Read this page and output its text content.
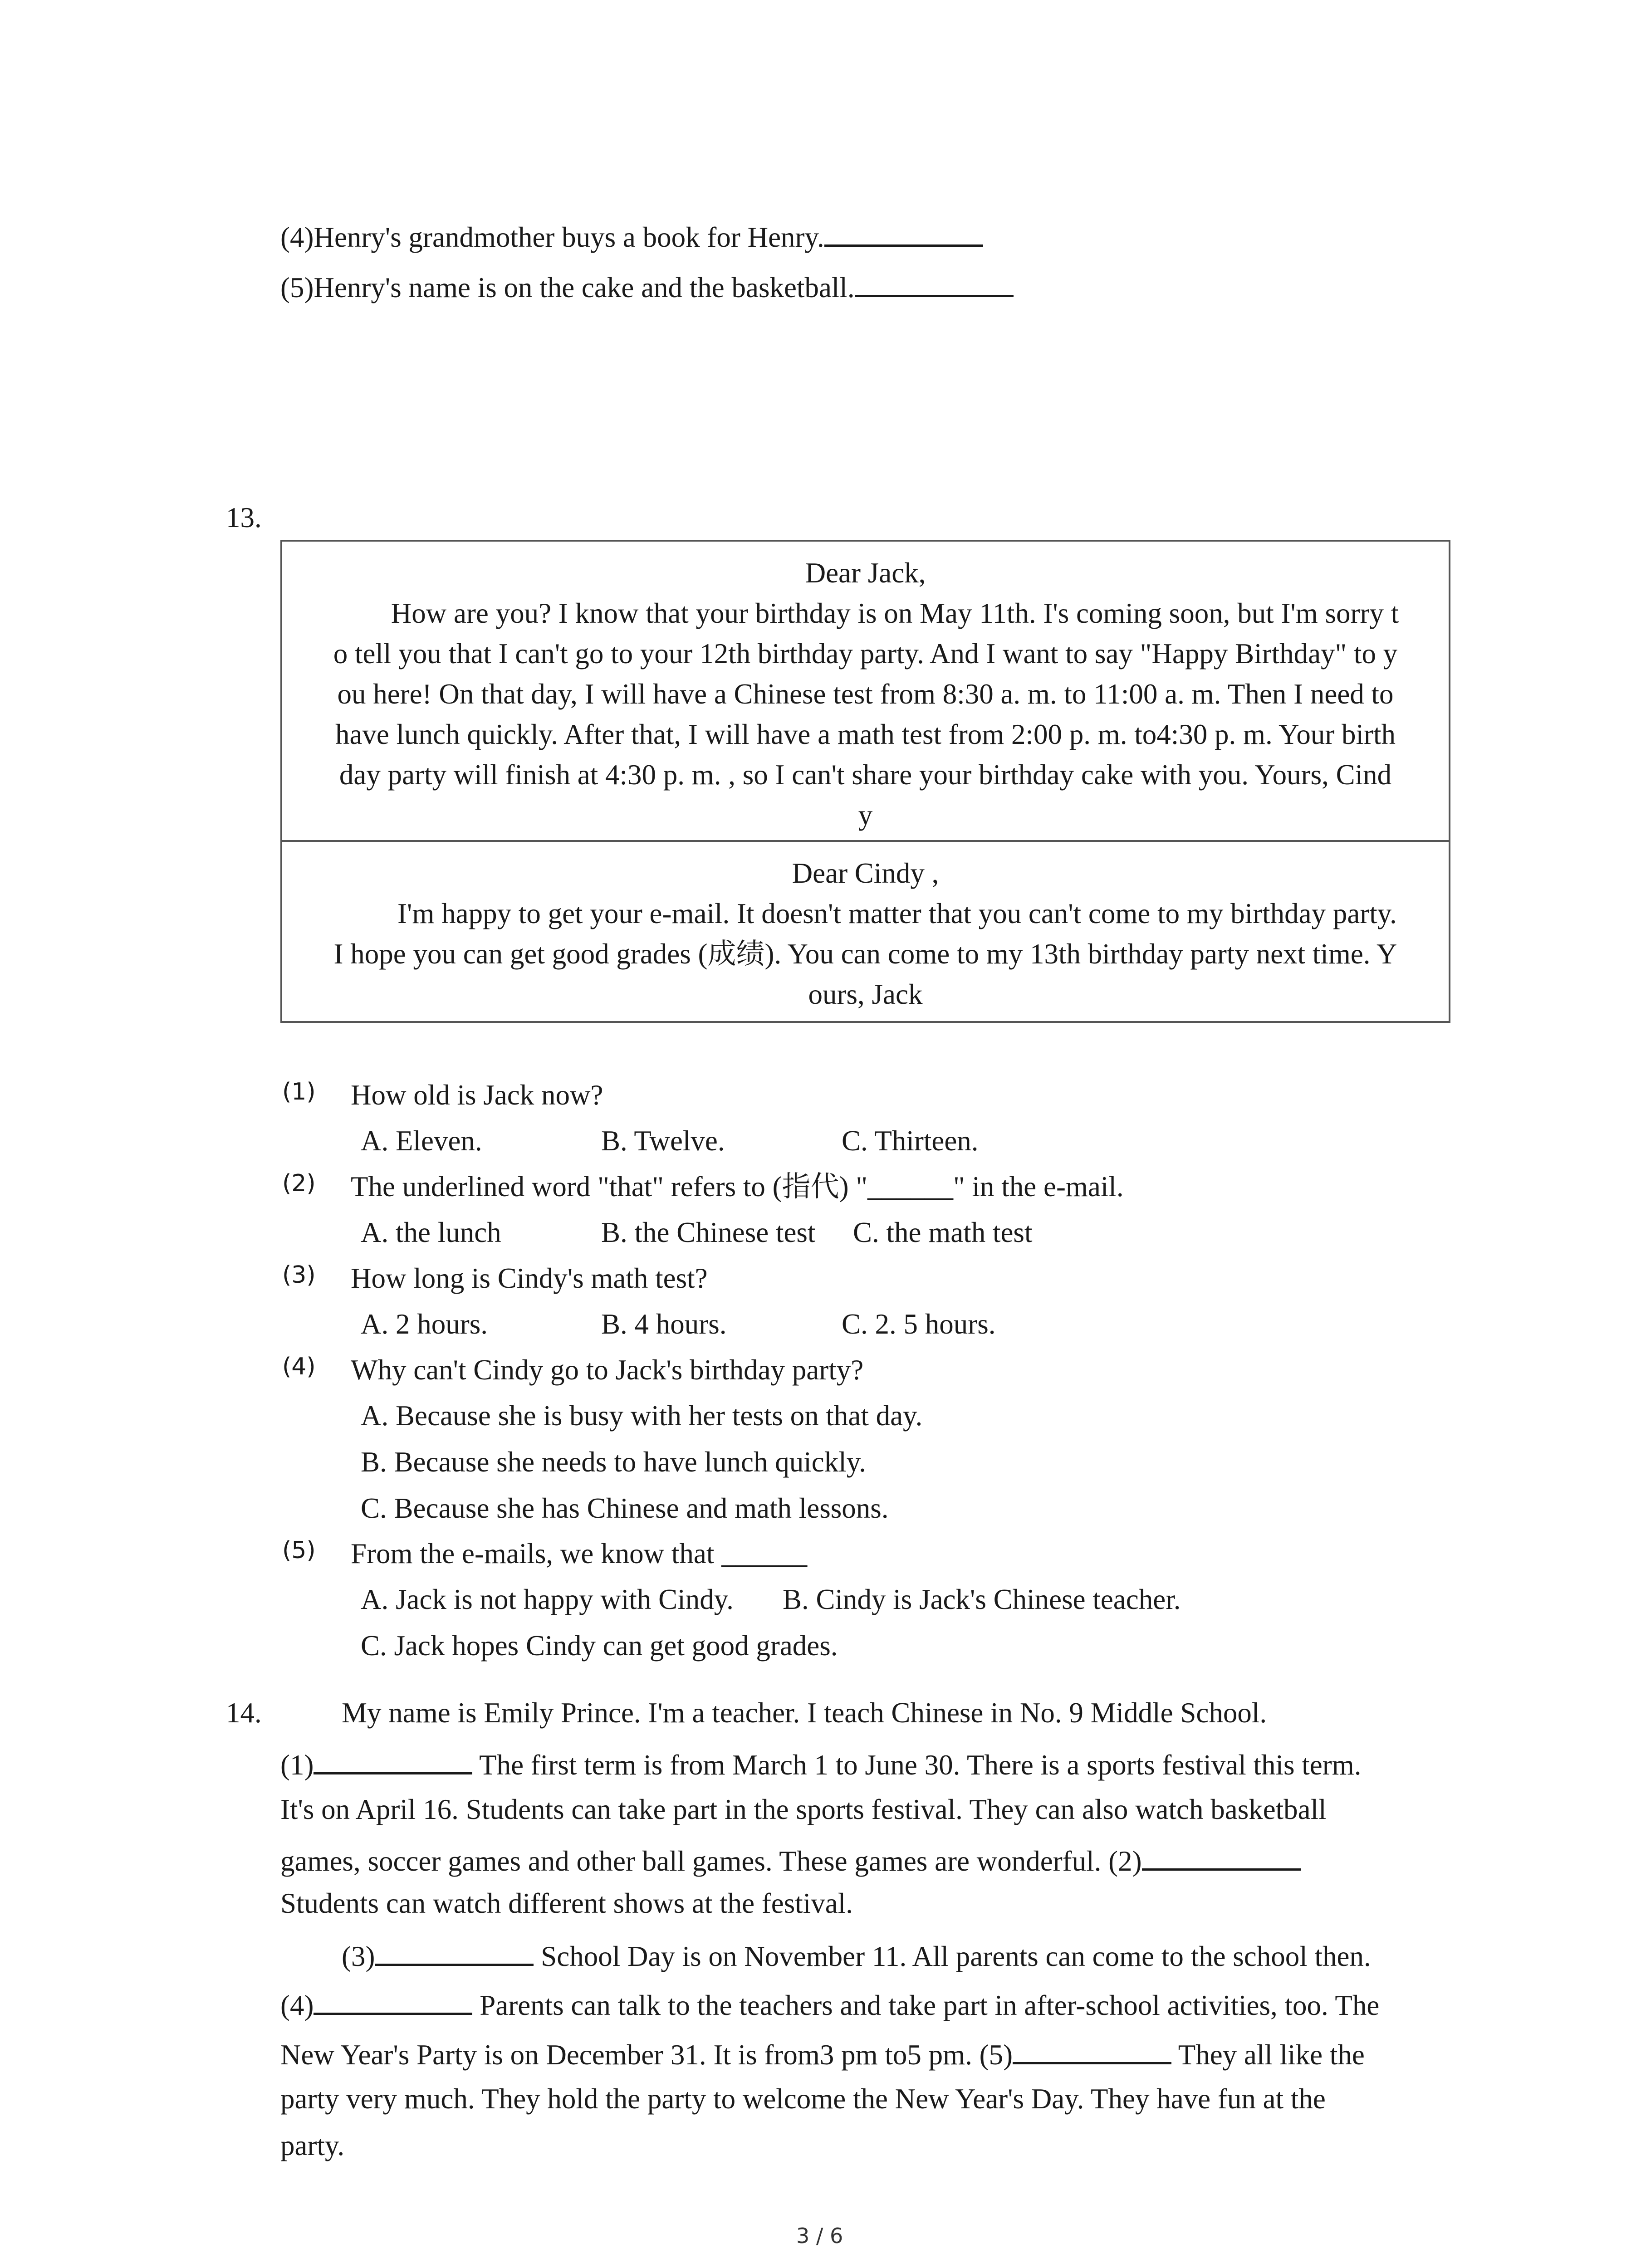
(4)Henry's grandmother buys a book for Henry.
(5)Henry's name is on the cake and the basketball.
13.
Dear Jack,
How are you? I know that your birthday is on May 11th. I's coming soon, but I'm sorry t
o tell you that I can't go to your 12th birthday party. And I want to say "Happy Birthday" to y
ou here! On that day, I will have a Chinese test from 8:30 a. m. to 11:00 a. m. Then I need to
have lunch quickly. After that, I will have a math test from 2:00 p. m. to4:30 p. m. Your birth
day party will finish at 4:30 p. m. , so I can't share your birthday cake with you. Yours, Cind
y
Dear Cindy ,
I'm happy to get your e-mail. It doesn't matter that you can't come to my birthday party.
I hope you can get good grades (成绩). You can come to my 13th birthday party next time. Y
ours, Jack
(1) How old is Jack now?
A. Eleven.	B. Twelve.	C. Thirteen.
(2) The underlined word "that" refers to (指代) "______" in the e-mail.
A. the lunch	B. the Chinese test C. the math test
(3) How long is Cindy's math test?
A. 2 hours.	B. 4 hours.	C. 2. 5 hours.
(4) Why can't Cindy go to Jack's birthday party?
A. Because she is busy with her tests on that day.
B. Because she needs to have lunch quickly.
C. Because she has Chinese and math lessons.
(5) From the e-mails, we know that ______
A. Jack is not happy with Cindy. B. Cindy is Jack's Chinese teacher.
C. Jack hopes Cindy can get good grades.
14.	My name is Emily Prince. I'm a teacher. I teach Chinese in No. 9 Middle School.
(1)	The first term is from March 1 to June 30. There is a sports festival this term.
It's on April 16. Students can take part in the sports festival. They can also watch basketball
games, soccer games and other ball games. These games are wonderful. (2)
Students can watch different shows at the festival.
(3)	School Day is on November 11. All parents can come to the school then.
(4)	Parents can talk to the teachers and take part in after-school activities, too. The
New Year's Party is on December 31. It is from3 pm to5 pm. (5)	They all like the
party very much. They hold the party to welcome the New Year's Day. They have fun at the
party.
3 / 6
